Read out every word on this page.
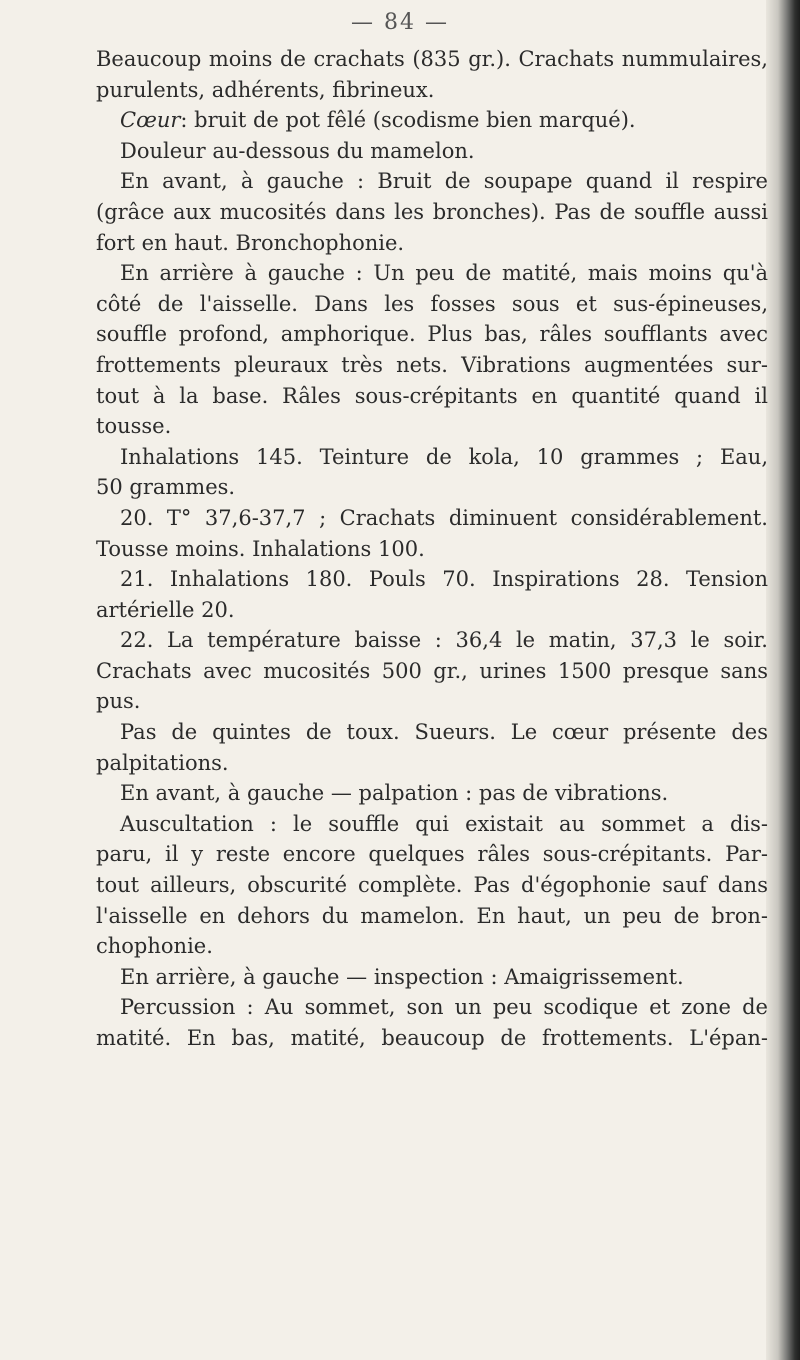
— 84 —
Beaucoup moins de crachats (835 gr.). Crachats nummulaires,
purulents, adhérents, fibrineux.
Cœur: bruit de pot fêlé (scodisme bien marqué).
Douleur au-dessous du mamelon.
En avant, à gauche : Bruit de soupape quand il respire
(grâce aux mucosités dans les bronches). Pas de souffle aussi
fort en haut. Bronchophonie.
En arrière à gauche : Un peu de matité, mais moins qu'à
côté de l'aisselle. Dans les fosses sous et sus-épineuses,
souffle profond, amphorique. Plus bas, râles soufflants avec
frottements pleuraux très nets. Vibrations augmentées sur-
tout à la base. Râles sous-crépitants en quantité quand il
tousse.
Inhalations 145. Teinture de kola, 10 grammes ; Eau,
50 grammes.
20. T° 37,6-37,7 ; Crachats diminuent considérablement.
Tousse moins. Inhalations 100.
21. Inhalations 180. Pouls 70. Inspirations 28. Tension
artérielle 20.
22. La température baisse : 36,4 le matin, 37,3 le soir.
Crachats avec mucosités 500 gr., urines 1500 presque sans
pus.
Pas de quintes de toux. Sueurs. Le cœur présente des
palpitations.
En avant, à gauche — palpation : pas de vibrations.
Auscultation : le souffle qui existait au sommet a dis-
paru, il y reste encore quelques râles sous-crépitants. Par-
tout ailleurs, obscurité complète. Pas d'égophonie sauf dans
l'aisselle en dehors du mamelon. En haut, un peu de bron-
chophonie.
En arrière, à gauche — inspection : Amaigrissement.
Percussion : Au sommet, son un peu scodique et zone de
matité. En bas, matité, beaucoup de frottements. L'épan-
